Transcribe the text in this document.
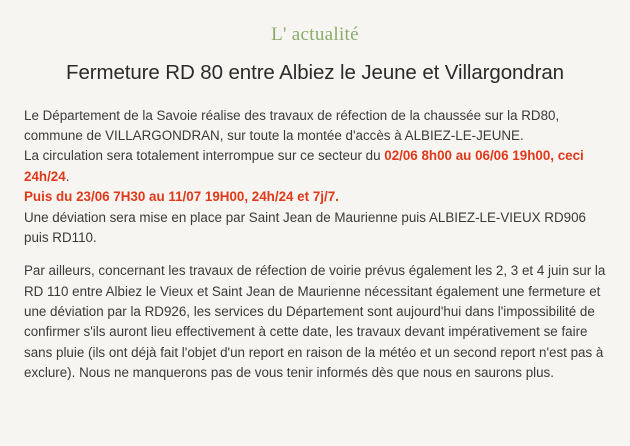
L' actualité
Fermeture RD 80 entre Albiez le Jeune et Villargondran

Le Département de la Savoie réalise des travaux de réfection de la chaussée sur la RD80, commune de VILLARGONDRAN, sur toute la montée d'accès à ALBIEZ-LE-JEUNE.
La circulation sera totalement interrompue sur ce secteur du 02/06 8h00 au 06/06 19h00, ceci 24h/24.
Puis du 23/06 7H30 au 11/07 19H00, 24h/24 et 7j/7.
Une déviation sera mise en place par Saint Jean de Maurienne puis ALBIEZ-LE-VIEUX RD906 puis RD110.

Par ailleurs, concernant les travaux de réfection de voirie prévus également les 2, 3 et 4 juin sur la RD 110 entre Albiez le Vieux et Saint Jean de Maurienne nécessitant également une fermeture et une déviation par la RD926, les services du Département sont aujourd'hui dans l'impossibilité de confirmer s'ils auront lieu effectivement à cette date, les travaux devant impérativement se faire sans pluie (ils ont déjà fait l'objet d'un report en raison de la météo et un second report n'est pas à exclure). Nous ne manquerons pas de vous tenir informés dès que nous en saurons plus.
